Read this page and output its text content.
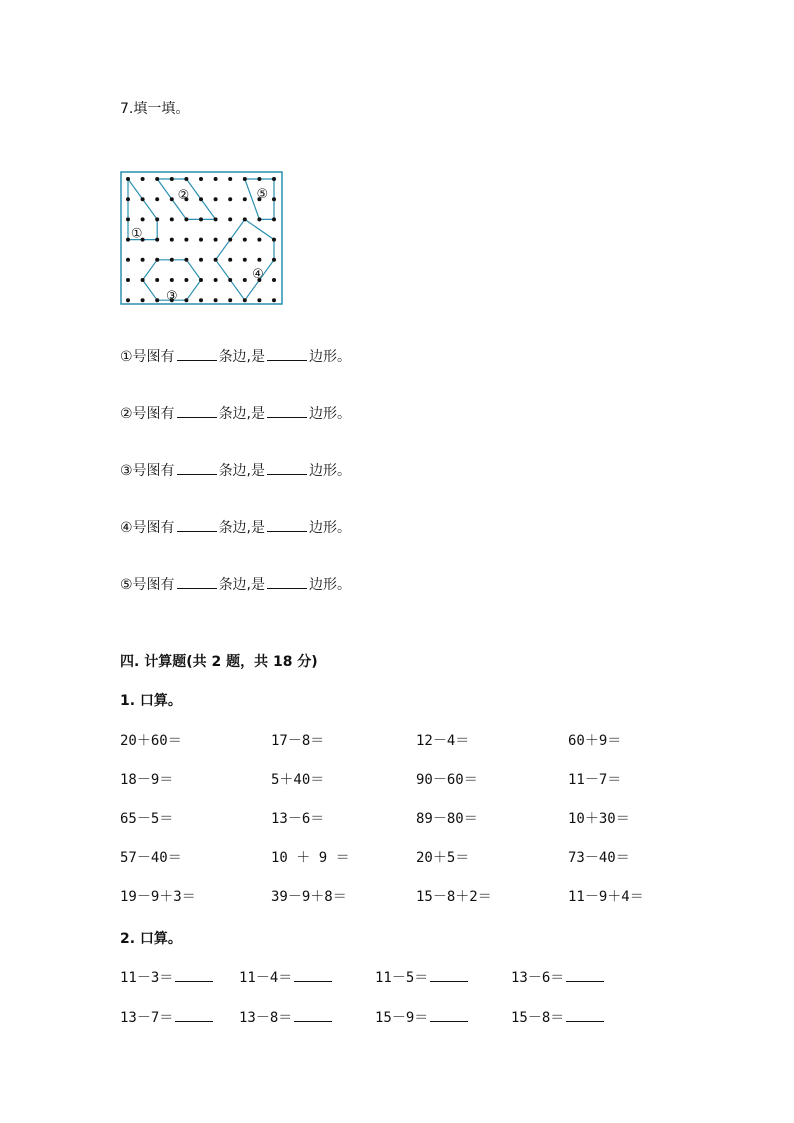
7.填一填。
①
②
③
④
⑤
①号图有	条边,是	边形。
②号图有	条边,是	边形。
③号图有	条边,是	边形。
④号图有	条边,是	边形。
⑤号图有	条边,是	边形。
四. 计算题(共 2 题，共 18 分)
1. 口算。
20＋60＝	17－8＝	12－4＝	60＋9＝
18－9＝	5＋40＝	90－60＝	11－7＝
65－5＝	13－6＝	89－80＝	10＋30＝
57－40＝	10 ＋ 9 ＝	20＋5＝	73－40＝
19－9＋3＝	39－9＋8＝	15－8＋2＝	11－9＋4＝
2. 口算。
11－3＝	11－4＝	11－5＝	13－6＝
13－7＝	13－8＝	15－9＝	15－8＝
